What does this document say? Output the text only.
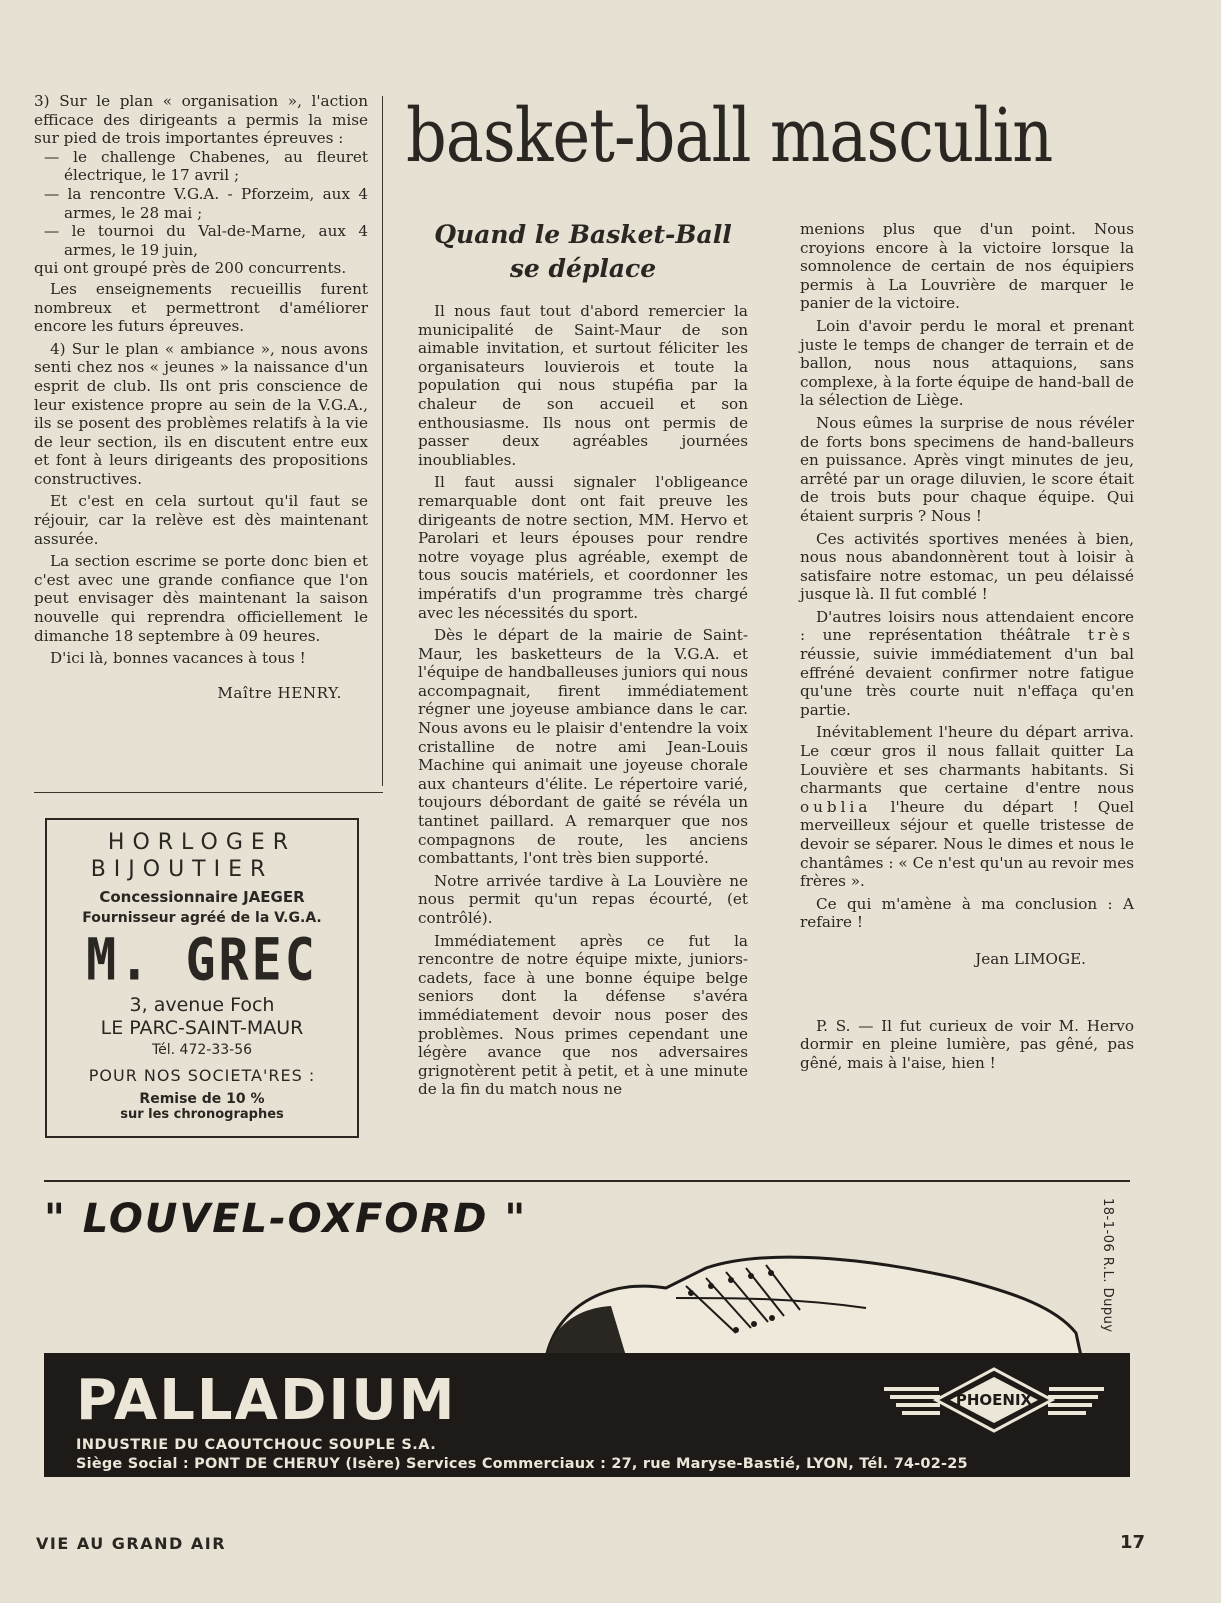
3) Sur le plan « organisation », l'action efficace des dirigeants a permis la mise sur pied de trois importantes épreuves :

— le challenge Chabenes, au fleuret électrique, le 17 avril ;

— la rencontre V.G.A. - Pforzeim, aux 4 armes, le 28 mai ;

— le tournoi du Val-de-Marne, aux 4 armes, le 19 juin,

qui ont groupé près de 200 concurrents.

Les enseignements recueillis furent nombreux et permettront d'améliorer encore les futurs épreuves.

4) Sur le plan « ambiance », nous avons senti chez nos « jeunes » la naissance d'un esprit de club. Ils ont pris conscience de leur existence propre au sein de la V.G.A., ils se posent des problèmes relatifs à la vie de leur section, ils en discutent entre eux et font à leurs dirigeants des propositions constructives.

Et c'est en cela surtout qu'il faut se réjouir, car la relève est dès maintenant assurée.

La section escrime se porte donc bien et c'est avec une grande confiance que l'on peut envisager dès maintenant la saison nouvelle qui reprendra officiellement le dimanche 18 septembre à 09 heures.

D'ici là, bonnes vacances à tous !

Maître HENRY.

HORLOGER
BIJOUTIER
Concessionnaire JAEGER
Fournisseur agréé de la V.G.A.
M. GREC
3, avenue Foch
LE PARC-SAINT-MAUR
Tél. 472-33-56
POUR NOS SOCIETA'RES :
Remise de 10 %
sur les chronographes
basket-ball masculin
Quand le Basket-Ball
se déplace

Il nous faut tout d'abord remercier la municipalité de Saint-Maur de son aimable invitation, et surtout féliciter les organisateurs louvierois et toute la population qui nous stupéfia par la chaleur de son accueil et son enthousiasme. Ils nous ont permis de passer deux agréables journées inoubliables.

Il faut aussi signaler l'obligeance remarquable dont ont fait preuve les dirigeants de notre section, MM. Hervo et Parolari et leurs épouses pour rendre notre voyage plus agréable, exempt de tous soucis matériels, et coordonner les impératifs d'un programme très chargé avec les nécessités du sport.

Dès le départ de la mairie de Saint-Maur, les basketteurs de la V.G.A. et l'équipe de handballeuses juniors qui nous accompagnait, firent immédiatement régner une joyeuse ambiance dans le car. Nous avons eu le plaisir d'entendre la voix cristalline de notre ami Jean-Louis Machine qui animait une joyeuse chorale aux chanteurs d'élite. Le répertoire varié, toujours débordant de gaité se révéla un tantinet paillard. A remarquer que nos compagnons de route, les anciens combattants, l'ont très bien supporté.

Notre arrivée tardive à La Louvière ne nous permit qu'un repas écourté, (et contrôlé).

Immédiatement après ce fut la rencontre de notre équipe mixte, juniors-cadets, face à une bonne équipe belge seniors dont la défense s'avéra immédiatement devoir nous poser des problèmes. Nous primes cependant une légère avance que nos adversaires grignotèrent petit à petit, et à une minute de la fin du match nous ne

menions plus que d'un point. Nous croyions encore à la victoire lorsque la somnolence de certain de nos équipiers permis à La Louvrière de marquer le panier de la victoire.

Loin d'avoir perdu le moral et prenant juste le temps de changer de terrain et de ballon, nous nous attaquions, sans complexe, à la forte équipe de hand-ball de la sélection de Liège.

Nous eûmes la surprise de nous révéler de forts bons specimens de hand-balleurs en puissance. Après vingt minutes de jeu, arrêté par un orage diluvien, le score était de trois buts pour chaque équipe. Qui étaient surpris ? Nous !

Ces activités sportives menées à bien, nous nous abandonnèrent tout à loisir à satisfaire notre estomac, un peu délaissé jusque là. Il fut comblé !

D'autres loisirs nous attendaient encore : une représentation théâtrale très réussie, suivie immédiatement d'un bal effréné devaient confirmer notre fatigue qu'une très courte nuit n'effaça qu'en partie.

Inévitablement l'heure du départ arriva. Le cœur gros il nous fallait quitter La Louvière et ses charmants habitants. Si charmants que certaine d'entre nous oublia l'heure du départ ! Quel merveilleux séjour et quelle tristesse de devoir se séparer. Nous le dimes et nous le chantâmes : « Ce n'est qu'un au revoir mes frères ».

Ce qui m'amène à ma conclusion : A refaire !

Jean LIMOGE.

P. S. — Il fut curieux de voir M. Hervo dormir en pleine lumière, pas gêné, pas gêné, mais à l'aise, hien !

" LOUVEL-OXFORD "	18-1-06 R.L. Dupuy
PALLADIUM
INDUSTRIE DU CAOUTCHOUC SOUPLE S.A.
Siège Social : PONT DE CHERUY (Isère) Services Commerciaux : 27, rue Maryse-Bastié, LYON, Tél. 74-02-25
PHOENIX
VIE AU GRAND AIR	17
